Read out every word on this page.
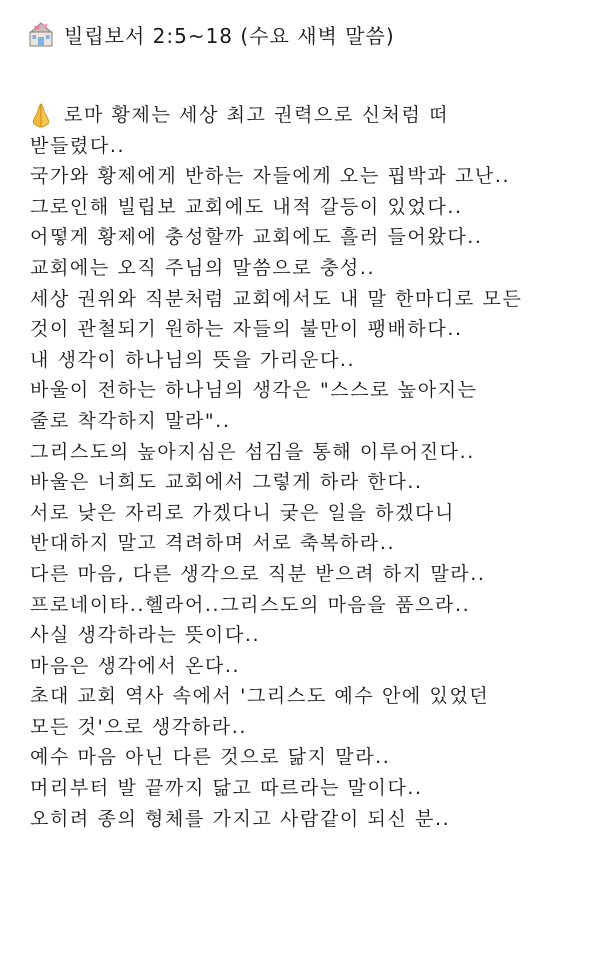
빌립보서 2:5~18 (수요 새벽 말씀)
로마 황제는 세상 최고 권력으로 신처럼 떠
받들렸다..
국가와 황제에게 반하는 자들에게 오는 핍박과 고난..
그로인해 빌립보 교회에도 내적 갈등이 있었다..
어떻게 황제에 충성할까 교회에도 흘러 들어왔다..
교회에는 오직 주님의 말씀으로 충성..
세상 권위와 직분처럼 교회에서도 내 말 한마디로 모든
것이 관철되기 원하는 자들의 불만이 팽배하다..
내 생각이 하나님의 뜻을 가리운다..
바울이 전하는 하나님의 생각은 "스스로 높아지는
줄로 착각하지 말라"..
그리스도의 높아지심은 섬김을 통해 이루어진다..
바울은 너희도 교회에서 그렇게 하라 한다..
서로 낮은 자리로 가겠다니 궂은 일을 하겠다니
반대하지 말고 격려하며 서로 축복하라..
다른 마음, 다른 생각으로 직분 받으려 하지 말라..
프로네이타..헬라어..그리스도의 마음을 품으라..
사실 생각하라는 뜻이다..
마음은 생각에서 온다..
초대 교회 역사 속에서 '그리스도 예수 안에 있었던
모든 것'으로 생각하라..
예수 마음 아닌 다른 것으로 닮지 말라..
머리부터 발 끝까지 닮고 따르라는 말이다..
오히려 종의 형체를 가지고 사람같이 되신 분..
